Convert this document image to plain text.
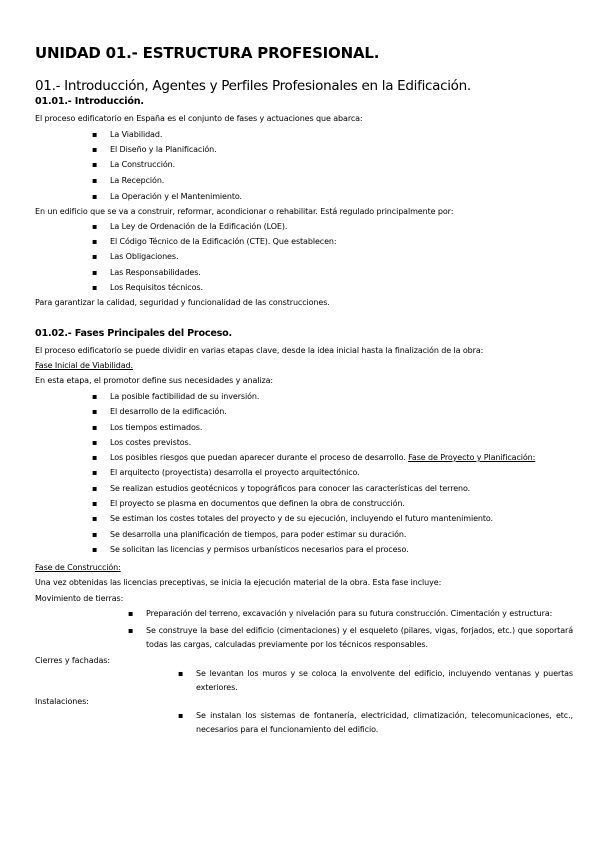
UNIDAD 01.- ESTRUCTURA PROFESIONAL.
01.- Introducción, Agentes y Perfiles Profesionales en la Edificación.
01.01.- Introducción.
El proceso edificatorio en España es el conjunto de fases y actuaciones que abarca:
▪ La Viabilidad.
▪ El Diseño y la Planificación.
▪ La Construcción.
▪ La Recepción.
▪ La Operación y el Mantenimiento.
En un edificio que se va a construir, reformar, acondicionar o rehabilitar. Está regulado principalmente por:
▪ La Ley de Ordenación de la Edificación (LOE).
▪ El Código Técnico de la Edificación (CTE). Que establecen:
▪ Las Obligaciones.
▪ Las Responsabilidades.
▪ Los Requisitos técnicos.
Para garantizar la calidad, seguridad y funcionalidad de las construcciones.
01.02.- Fases Principales del Proceso.
El proceso edificatorio se puede dividir en varias etapas clave, desde la idea inicial hasta la finalización de la obra:
Fase Inicial de Viabilidad.
En esta etapa, el promotor define sus necesidades y analiza:
▪ La posible factibilidad de su inversión.
▪ El desarrollo de la edificación.
▪ Los tiempos estimados.
▪ Los costes previstos.
▪ Los posibles riesgos que puedan aparecer durante el proceso de desarrollo. Fase de Proyecto y Planificación:
▪ El arquitecto (proyectista) desarrolla el proyecto arquitectónico.
▪ Se realizan estudios geotécnicos y topográficos para conocer las características del terreno.
▪ El proyecto se plasma en documentos que definen la obra de construcción.
▪ Se estiman los costes totales del proyecto y de su ejecución, incluyendo el futuro mantenimiento.
▪ Se desarrolla una planificación de tiempos, para poder estimar su duración.
▪ Se solicitan las licencias y permisos urbanísticos necesarios para el proceso.
Fase de Construcción:
Una vez obtenidas las licencias preceptivas, se inicia la ejecución material de la obra. Esta fase incluye:
Movimiento de tierras:
▪ Preparación del terreno, excavación y nivelación para su futura construcción. Cimentación y estructura:
▪ Se construye la base del edificio (cimentaciones) y el esqueleto (pilares, vigas, forjados, etc.) que soportará todas las cargas, calculadas previamente por los técnicos responsables.
Cierres y fachadas:
▪ Se levantan los muros y se coloca la envolvente del edificio, incluyendo ventanas y puertas exteriores.
Instalaciones:
▪ Se instalan los sistemas de fontanería, electricidad, climatización, telecomunicaciones, etc., necesarios para el funcionamiento del edificio.
